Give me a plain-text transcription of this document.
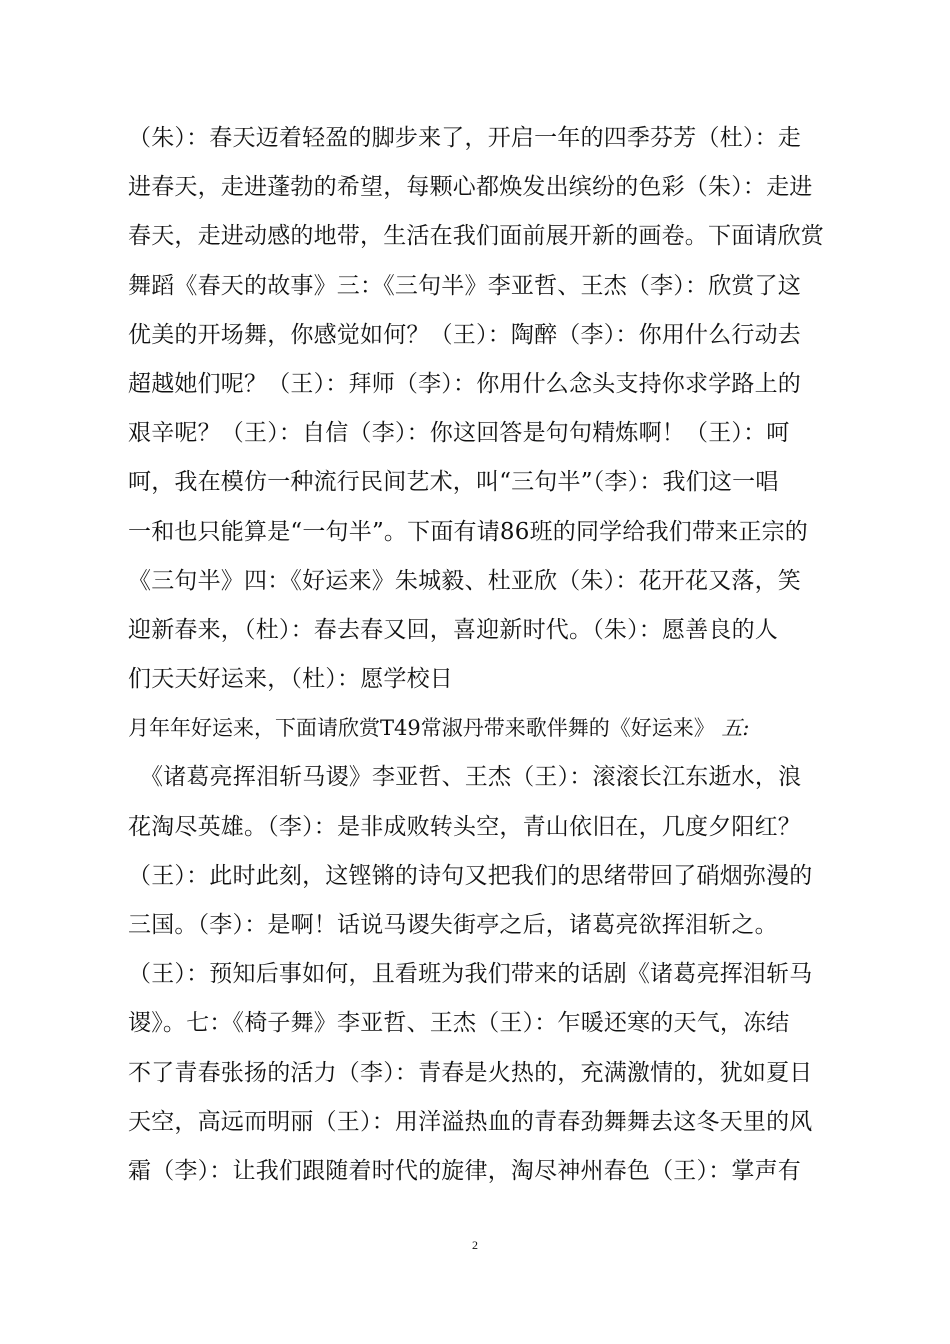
（朱）：春天迈着轻盈的脚步来了，开启一年的四季芬芳（杜）：走
进春天，走进蓬勃的希望，每颗心都焕发出缤纷的色彩（朱）：走进
春天，走进动感的地带，生活在我们面前展开新的画卷。下面请欣赏
舞蹈《春天的故事》三：《三句半》李亚哲、王杰（李）：欣赏了这
优美的开场舞，你感觉如何？（王）：陶醉（李）：你用什么行动去
超越她们呢？（王）：拜师（李）：你用什么念头支持你求学路上的
艰辛呢？（王）：自信（李）：你这回答是句句精炼啊！（王）：呵
呵，我在模仿一种流行民间艺术，叫“三句半”（李）：我们这一唱
一和也只能算是“一句半”。下面有请86班的同学给我们带来正宗的
《三句半》四：《好运来》朱城毅、杜亚欣（朱）：花开花又落，笑
迎新春来，（杜）：春去春又回，喜迎新时代。（朱）：愿善良的人
们天天好运来，（杜）：愿学校日
月年年好运来，下面请欣赏T49常淑丹带来歌伴舞的《好运来》 五:
《诸葛亮挥泪斩马谡》李亚哲、王杰（王）：滚滚长江东逝水，浪
花淘尽英雄。（李）：是非成败转头空，青山依旧在，几度夕阳红？
（王）：此时此刻，这铿锵的诗句又把我们的思绪带回了硝烟弥漫的
三国。（李）：是啊！话说马谡失街亭之后，诸葛亮欲挥泪斩之。
（王）：预知后事如何，且看班为我们带来的话剧《诸葛亮挥泪斩马
谡》。七：《椅子舞》李亚哲、王杰（王）：乍暖还寒的天气，冻结
不了青春张扬的活力（李）：青春是火热的，充满激情的，犹如夏日
天空，高远而明丽（王）：用洋溢热血的青春劲舞舞去这冬天里的风
霜（李）：让我们跟随着时代的旋律，淘尽神州春色（王）：掌声有
2
